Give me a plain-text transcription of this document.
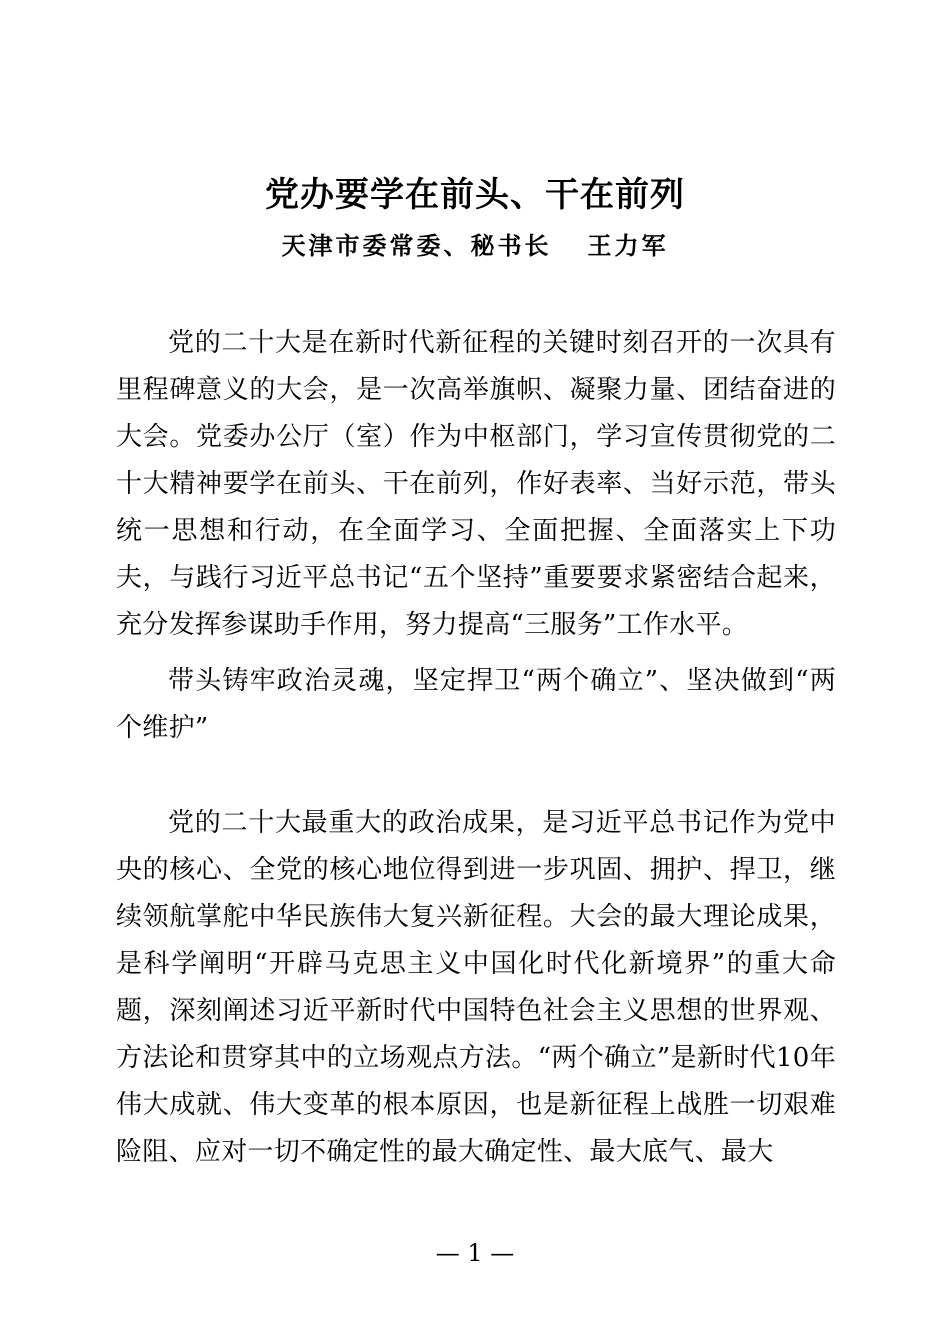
党办要学在前头、干在前列
天津市委常委、秘书长 王力军

党的二十大是在新时代新征程的关键时刻召开的一次具有里程碑意义的大会，是一次高举旗帜、凝聚力量、团结奋进的大会。党委办公厅（室）作为中枢部门，学习宣传贯彻党的二十大精神要学在前头、干在前列，作好表率、当好示范，带头统一思想和行动，在全面学习、全面把握、全面落实上下功夫，与践行习近平总书记“五个坚持”重要要求紧密结合起来，充分发挥参谋助手作用，努力提高“三服务”工作水平。

带头铸牢政治灵魂，坚定捍卫“两个确立”、坚决做到“两个维护”

党的二十大最重大的政治成果，是习近平总书记作为党中央的核心、全党的核心地位得到进一步巩固、拥护、捍卫，继续领航掌舵中华民族伟大复兴新征程。大会的最大理论成果，是科学阐明“开辟马克思主义中国化时代化新境界”的重大命题，深刻阐述习近平新时代中国特色社会主义思想的世界观、方法论和贯穿其中的立场观点方法。“两个确立”是新时代10年伟大成就、伟大变革的根本原因，也是新征程上战胜一切艰难险阻、应对一切不确定性的最大确定性、最大底气、最大

— 1 —
